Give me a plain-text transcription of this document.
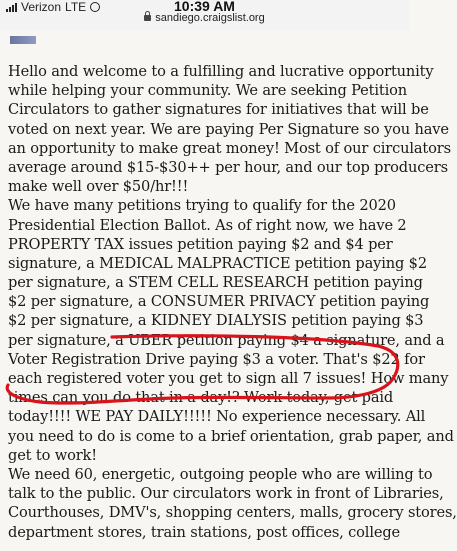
Verizon LTE	10:39 AM
sandiego.craigslist.org
Hello and welcome to a fulfilling and lucrative opportunity
while helping your community. We are seeking Petition
Circulators to gather signatures for initiatives that will be
voted on next year. We are paying Per Signature so you have
an opportunity to make great money! Most of our circulators
average around $15-$30++ per hour, and our top producers
make well over $50/hr!!!
We have many petitions trying to qualify for the 2020
Presidential Election Ballot. As of right now, we have 2
PROPERTY TAX issues petition paying $2 and $4 per
signature, a MEDICAL MALPRACTICE petition paying $2
per signature, a STEM CELL RESEARCH petition paying
$2 per signature, a CONSUMER PRIVACY petition paying
$2 per signature, a KIDNEY DIALYSIS petition paying $3
per signature, a UBER petition paying $4 a signature, and a
Voter Registration Drive paying $3 a voter. That's $22 for
each registered voter you get to sign all 7 issues! How many
times can you do that in a day!? Work today, get paid
today!!!! WE PAY DAILY!!!!! No experience necessary. All
you need to do is come to a brief orientation, grab paper, and
get to work!
We need 60, energetic, outgoing people who are willing to
talk to the public. Our circulators work in front of Libraries,
Courthouses, DMV's, shopping centers, malls, grocery stores,
department stores, train stations, post offices, college
